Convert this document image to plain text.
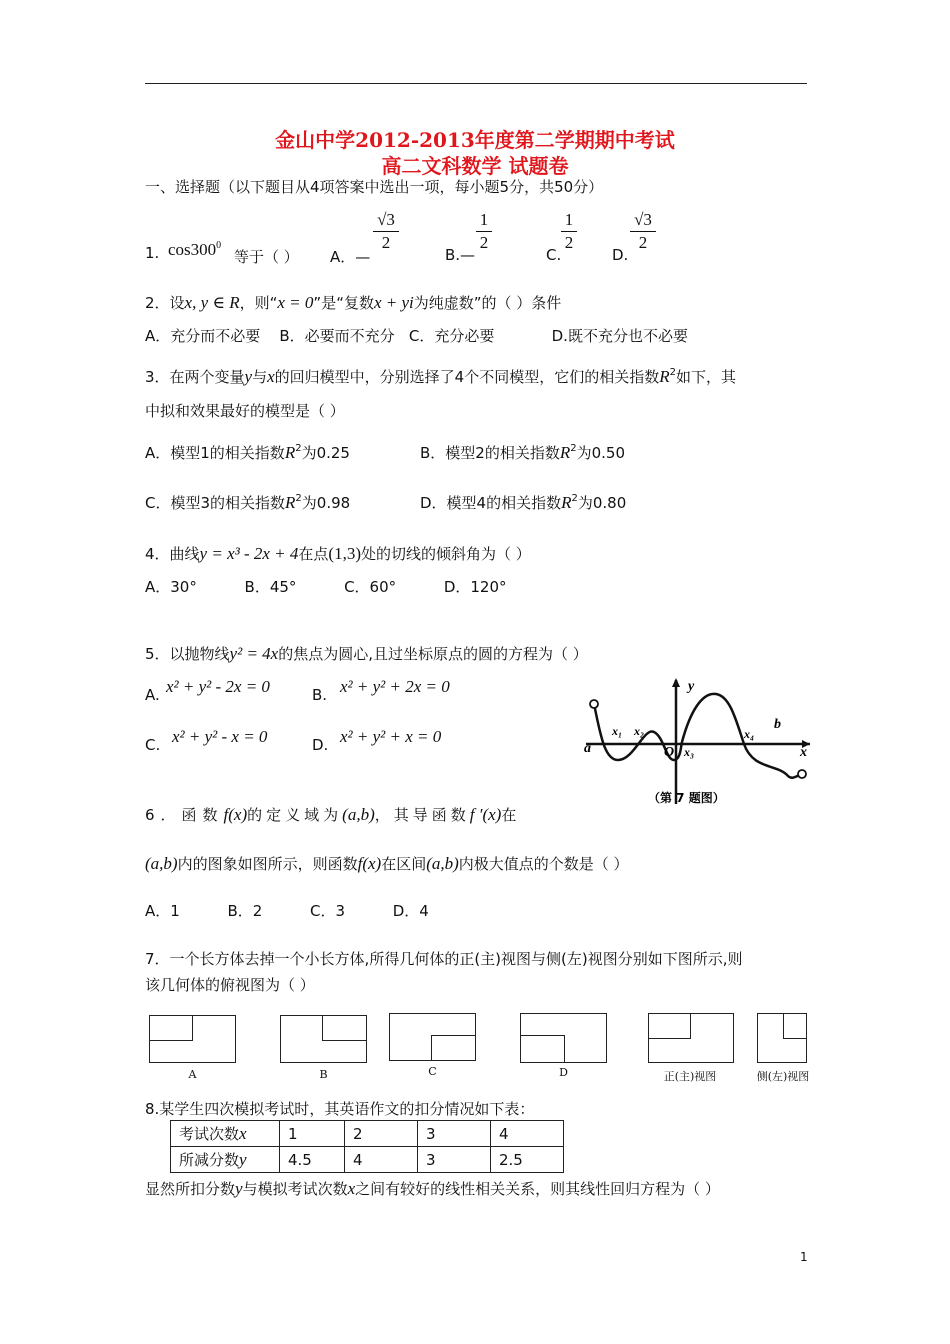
金山中学2012-2013年度第二学期期中考试
高二文科数学 试题卷
一、选择题（以下题目从4项答案中选出一项，每小题5分，共50分）
1. $\cos 300^0$
等于（ ） A．—
√3
2
B.—
1
2
C.
1
2
D.
√3
2
2．设x, y ∈ R，则“x = 0”是“复数x + yi为纯虚数”的（ ）条件
A．充分而不必要    B．必要而不充分   C．充分必要            D.既不充分也不必要
3．在两个变量y与x的回归模型中，分别选择了4个不同模型，它们的相关指数$R^2$如下，其
中拟和效果最好的模型是（ ）
A．模型1的相关指数$R^2$为0.25	B．模型2的相关指数$R^2$为0.50
C．模型3的相关指数$R^2$为0.98	D．模型4的相关指数$R^2$为0.80
4．曲线y = x³ - 2x + 4在点(1,3)处的切线的倾斜角为（ ）
A．30°          B．45°          C．60°          D．120°
5．以抛物线y² = 4x的焦点为圆心,且过坐标原点的圆的方程为（ ）
A. x² + y² - 2x = 0	B. x² + y² + 2x = 0
C. x² + y² - x = 0	D. x² + y² + x = 0
y
x
a
b
O
x₁ x₂
x₃
x₄
（第 7 题图）
6．函数f(x)的定义域为(a,b)，其导函数f ′(x)在
(a,b)内的图象如图所示，则函数f(x)在区间(a,b)内极大值点的个数是（ ）
A．1          B．2          C．3          D．4
7．一个长方体去掉一个小长方体,所得几何体的正(主)视图与侧(左)视图分别如下图所示,则
该几何体的俯视图为（ ）
A	B	C	D	正(主)视图	侧(左)视图
8.某学生四次模拟考试时，其英语作文的扣分情况如下表：
考试次数x	1	2	3	4
所减分数y	4.5	4	3	2.5
显然所扣分数y与模拟考试次数x之间有较好的线性相关关系，则其线性回归方程为（ ）
1
